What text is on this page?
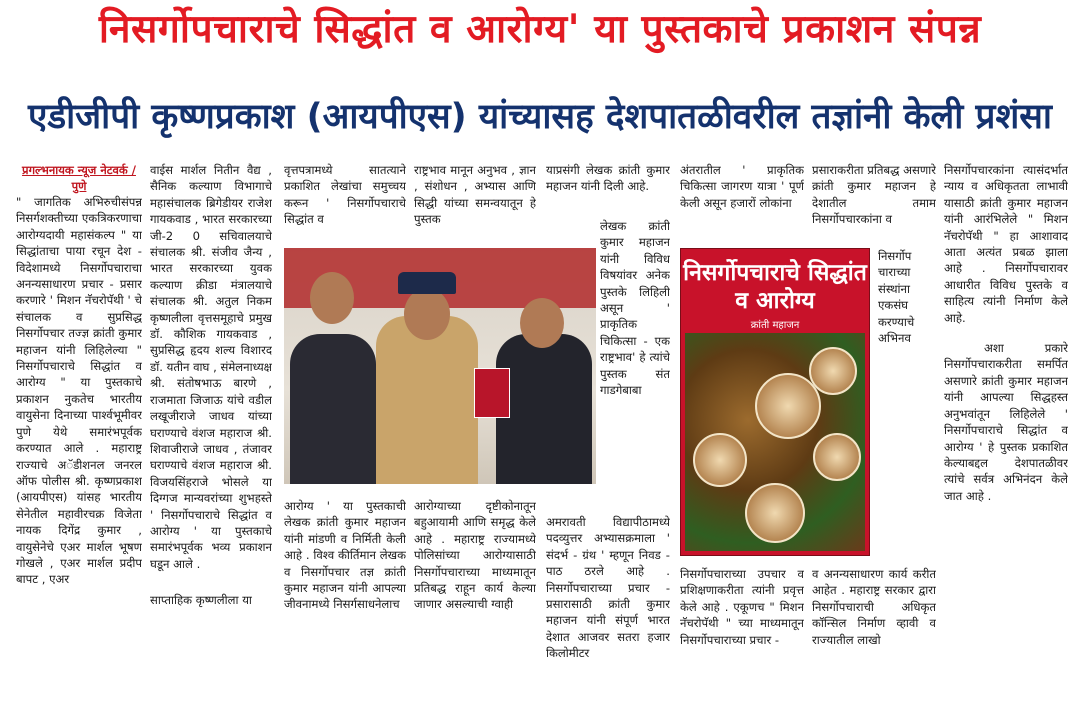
निसर्गोपचाराचे सिद्धांत व आरोग्य' या पुस्तकाचे प्रकाशन संपन्न
एडीजीपी कृष्णप्रकाश (आयपीएस) यांच्यासह देशपातळीवरील तज्ञांनी केली प्रशंसा
प्रगल्भनायक न्यूज नेटवर्क / पुणे

" जागतिक अभिरुचीसंपन्न निसर्गशक्तीच्या एकत्रिकरणाचा आरोग्यदायी महासंकल्प " या सिद्धांताचा पाया रचून देश - विदेशामध्ये निसर्गोपचाराचा अनन्यसाधारण प्रचार - प्रसार करणारे ' मिशन नॅचरोपॅथी ' चे संचालक व सुप्रसिद्ध निसर्गोपचार तज्ज्ञ क्रांती कुमार महाजन यांनी लिहिलेल्या " निसर्गोपचाराचे सिद्धांत व आरोग्य " या पुस्तकाचे प्रकाशन नुकतेच भारतीय वायुसेना दिनाच्या पार्श्वभूमीवर पुणे येथे समारंभपूर्वक करण्यात आले . महाराष्ट्र राज्याचे अॅडीशनल जनरल ऑफ पोलीस श्री. कृष्णप्रकाश (आयपीएस) यांसह भारतीय सेनेतील महावीरचक्र विजेता नायक दिगेंद्र कुमार , वायुसेनेचे एअर मार्शल भूषण गोखले , एअर मार्शल प्रदीप बापट , एअर

वाईस मार्शल नितीन वैद्य , सैनिक कल्याण विभागाचे महासंचालक ब्रिगेडीयर राजेश गायकवाड , भारत सरकारच्या जी-2 0 सचिवालयाचे संचालक श्री. संजीव जैन्य , भारत सरकारच्या युवक कल्याण क्रीडा मंत्रालयाचे संचालक श्री. अतुल निकम कृष्णलीला वृत्तसमूहाचे प्रमुख डॉ. कौशिक गायकवाड , सुप्रसिद्ध हृदय शल्य विशारद डॉ. यतीन वाघ , संमेलनाध्यक्ष श्री. संतोषभाऊ बारणे , राजमाता जिजाऊ यांचे वडील लखूजीराजे जाधव यांच्या घराण्याचे वंशज महाराज श्री. शिवाजीराजे जाधव , तंजावर घराण्याचे वंशज महाराज श्री. विजयसिंहराजे भोसले या दिग्गज मान्यवरांच्या शुभहस्ते ' निसर्गोपचाराचे सिद्धांत व आरोग्य ' या पुस्तकाचे समारंभपूर्वक भव्य प्रकाशन घडून आले .

साप्ताहिक कृष्णलीला या

वृत्तपत्रामध्ये सातत्याने प्रकाशित लेखांचा समुच्चय करून ' निसर्गोपचाराचे सिद्धांत व

राष्ट्रभाव मानून अनुभव , ज्ञान , संशोधन , अभ्यास आणि सिद्धी यांच्या समन्वयातून हे पुस्तक

याप्रसंगी लेखक क्रांती कुमार महाजन यांनी दिली आहे.

लेखक क्रांती कुमार महाजन यांनी विविध विषयांवर अनेक पुस्तके लिहिली असून ' प्राकृतिक चिकित्सा - एक राष्ट्रभाव' हे त्यांचे पुस्तक संत गाडगेबाबा

अंतरातील ' प्राकृतिक चिकित्सा जागरण यात्रा ' पूर्ण केली असून हजारों लोकांना

प्रसाराकरीता प्रतिबद्ध असणारे क्रांती कुमार महाजन हे देशातील तमाम निसर्गोपचारकांना व

निसर्गोप चाराच्या संस्थांना एकसंघ करण्याचे अभिनव

निसर्गोपचाराचे सिद्धांत व आरोग्य
क्रांती महाजन

आरोग्य ' या पुस्तकाची लेखक क्रांती कुमार महाजन यांनी मांडणी व निर्मिती केली आहे . विश्व कीर्तिमान लेखक व निसर्गोपचार तज्ञ क्रांती कुमार महाजन यांनी आपल्या जीवनामध्ये निसर्गसाधनेलाच

आरोग्याच्या दृष्टीकोनातून बहुआयामी आणि समृद्ध केले आहे . महाराष्ट्र राज्यामध्ये पोलिसांच्या आरोग्यासाठी निसर्गोपचाराच्या माध्यमातून प्रतिबद्ध राहून कार्य केल्या जाणार असल्याची ग्वाही

अमरावती विद्यापीठामध्ये पदव्युत्तर अभ्यासक्रमाला ' संदर्भ - ग्रंथ ' म्हणून निवड - पाठ ठरले आहे . निसर्गोपचाराच्या प्रचार - प्रसारासाठी क्रांती कुमार महाजन यांनी संपूर्ण भारत देशात आजवर सतरा हजार किलोमीटर

निसर्गोपचाराच्या उपचार व प्रशिक्षणाकरीता त्यांनी प्रवृत्त केले आहे . एकूणच " मिशन नॅचरोपॅथी " च्या माध्यमातून निसर्गोपचाराच्या प्रचार -

व अनन्यसाधारण कार्य करीत आहेत . महाराष्ट्र सरकार द्वारा निसर्गोपचाराची अधिकृत कॉन्सिल निर्माण व्हावी व राज्यातील लाखो

निसर्गोपचारकांना त्यासंदर्भात न्याय व अधिकृतता लाभावी यासाठी क्रांती कुमार महाजन यांनी आरंभिलेले " मिशन नॅचरोपॅथी " हा आशावाद आता अत्यंत प्रबळ झाला आहे . निसर्गोपचारावर आधारीत विविध पुस्तके व साहित्य त्यांनी निर्माण केले आहे.

अशा प्रकारे निसर्गोपचाराकरीता समर्पित असणारे क्रांती कुमार महाजन यांनी आपल्या सिद्धहस्त अनुभवांतून लिहिलेले ' निसर्गोपचाराचे सिद्धांत व आरोग्य ' हे पुस्तक प्रकाशित केल्याबद्दल देशपातळीवर त्यांचे सर्वत्र अभिनंदन केले जात आहे .
